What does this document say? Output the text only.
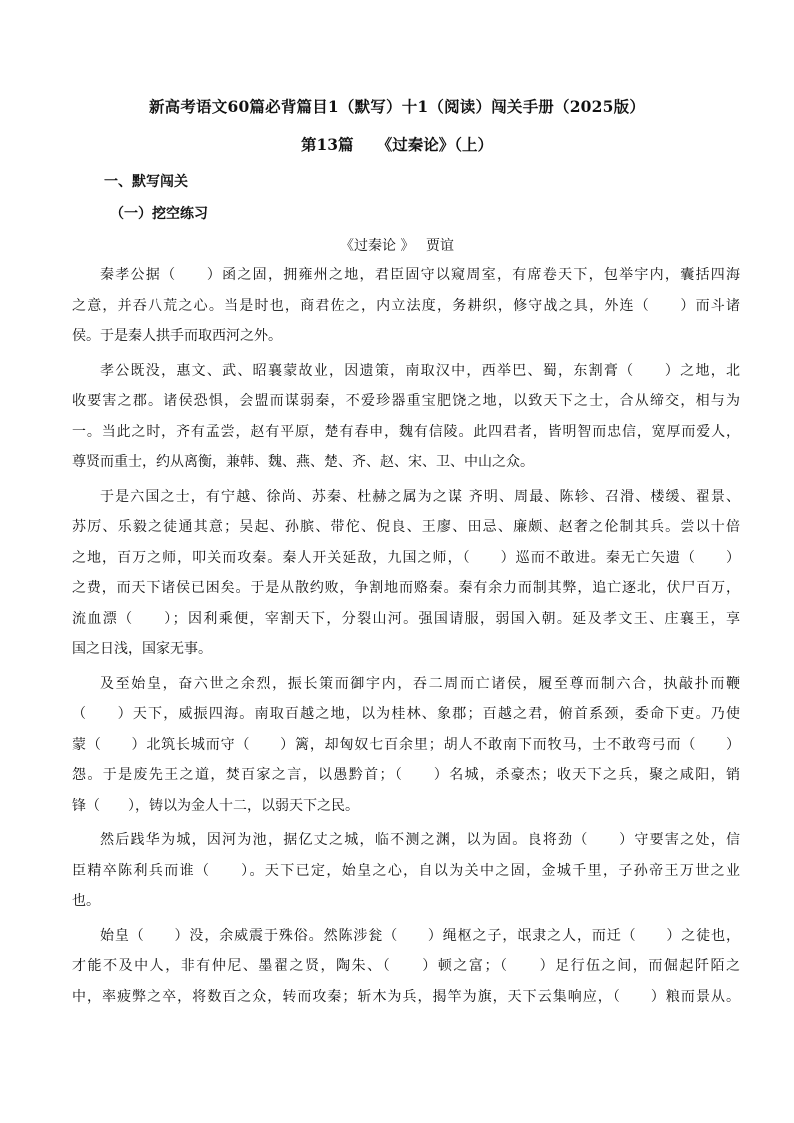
新高考语文60篇必背篇目1（默写）十1（阅读）闯关手册（2025版）
第13篇　　《过秦论》（上）
一、默写闯关
（一）挖空练习
《过秦论 》　 贾谊
秦孝公据（　　）函之固，拥雍州之地，君臣固守以窥周室，有席卷天下，包举宇内，囊括四海
之意，并吞八荒之心。当是时也，商君佐之，内立法度，务耕织，修守战之具，外连（　　）而斗诸
侯。于是秦人拱手而取西河之外。
孝公既没，惠文、武、昭襄蒙故业，因遗策，南取汉中，西举巴、蜀，东割膏（　　）之地，北
收要害之郡。诸侯恐惧，会盟而谋弱秦，不爱珍器重宝肥饶之地，以致天下之士，合从缔交，相与为
一。当此之时，齐有孟尝，赵有平原，楚有春申，魏有信陵。此四君者，皆明智而忠信，宽厚而爱人，
尊贤而重士，约从离衡，兼韩、魏、燕、楚、齐、赵、宋、卫、中山之众。
于是六国之士，有宁越、徐尚、苏秦、杜赫之属为之谋 齐明、周最、陈轸、召滑、楼缓、翟景、
苏厉、乐毅之徒通其意；吴起、孙膑、带佗、倪良、王廖、田忌、廉颇、赵奢之伦制其兵。尝以十倍
之地，百万之师，叩关而攻秦。秦人开关延敌，九国之师，（　　）巡而不敢进。秦无亡矢遗（　　）
之费，而天下诸侯已困矣。于是从散约败，争割地而赂秦。秦有余力而制其弊，追亡逐北，伏尸百万，
流血漂（　　）；因利乘便，宰割天下，分裂山河。强国请服，弱国入朝。延及孝文王、庄襄王，享
国之日浅，国家无事。
及至始皇，奋六世之余烈，振长策而御宇内，吞二周而亡诸侯，履至尊而制六合，执敲扑而鞭
（　　）天下，威振四海。南取百越之地，以为桂林、象郡；百越之君，俯首系颈，委命下吏。乃使
蒙（　　）北筑长城而守（　　）篱，却匈奴七百余里；胡人不敢南下而牧马，士不敢弯弓而（　　）
怨。于是废先王之道，焚百家之言，以愚黔首；（　　）名城，杀豪杰；收天下之兵，聚之咸阳，销
锋（　　），铸以为金人十二，以弱天下之民。
然后践华为城，因河为池，据亿丈之城，临不测之渊，以为固。良将劲（　　）守要害之处，信
臣精卒陈利兵而谁（　　）。天下已定，始皇之心，自以为关中之固，金城千里，子孙帝王万世之业
也。
始皇（　　）没，余威震于殊俗。然陈涉瓮（　　）绳枢之子，氓隶之人，而迁（　　）之徒也，
才能不及中人，非有仲尼、墨翟之贤，陶朱、（　　）顿之富；（　　）足行伍之间，而倔起阡陌之
中，率疲弊之卒，将数百之众，转而攻秦；斩木为兵，揭竿为旗，天下云集响应，（　　）粮而景从。
